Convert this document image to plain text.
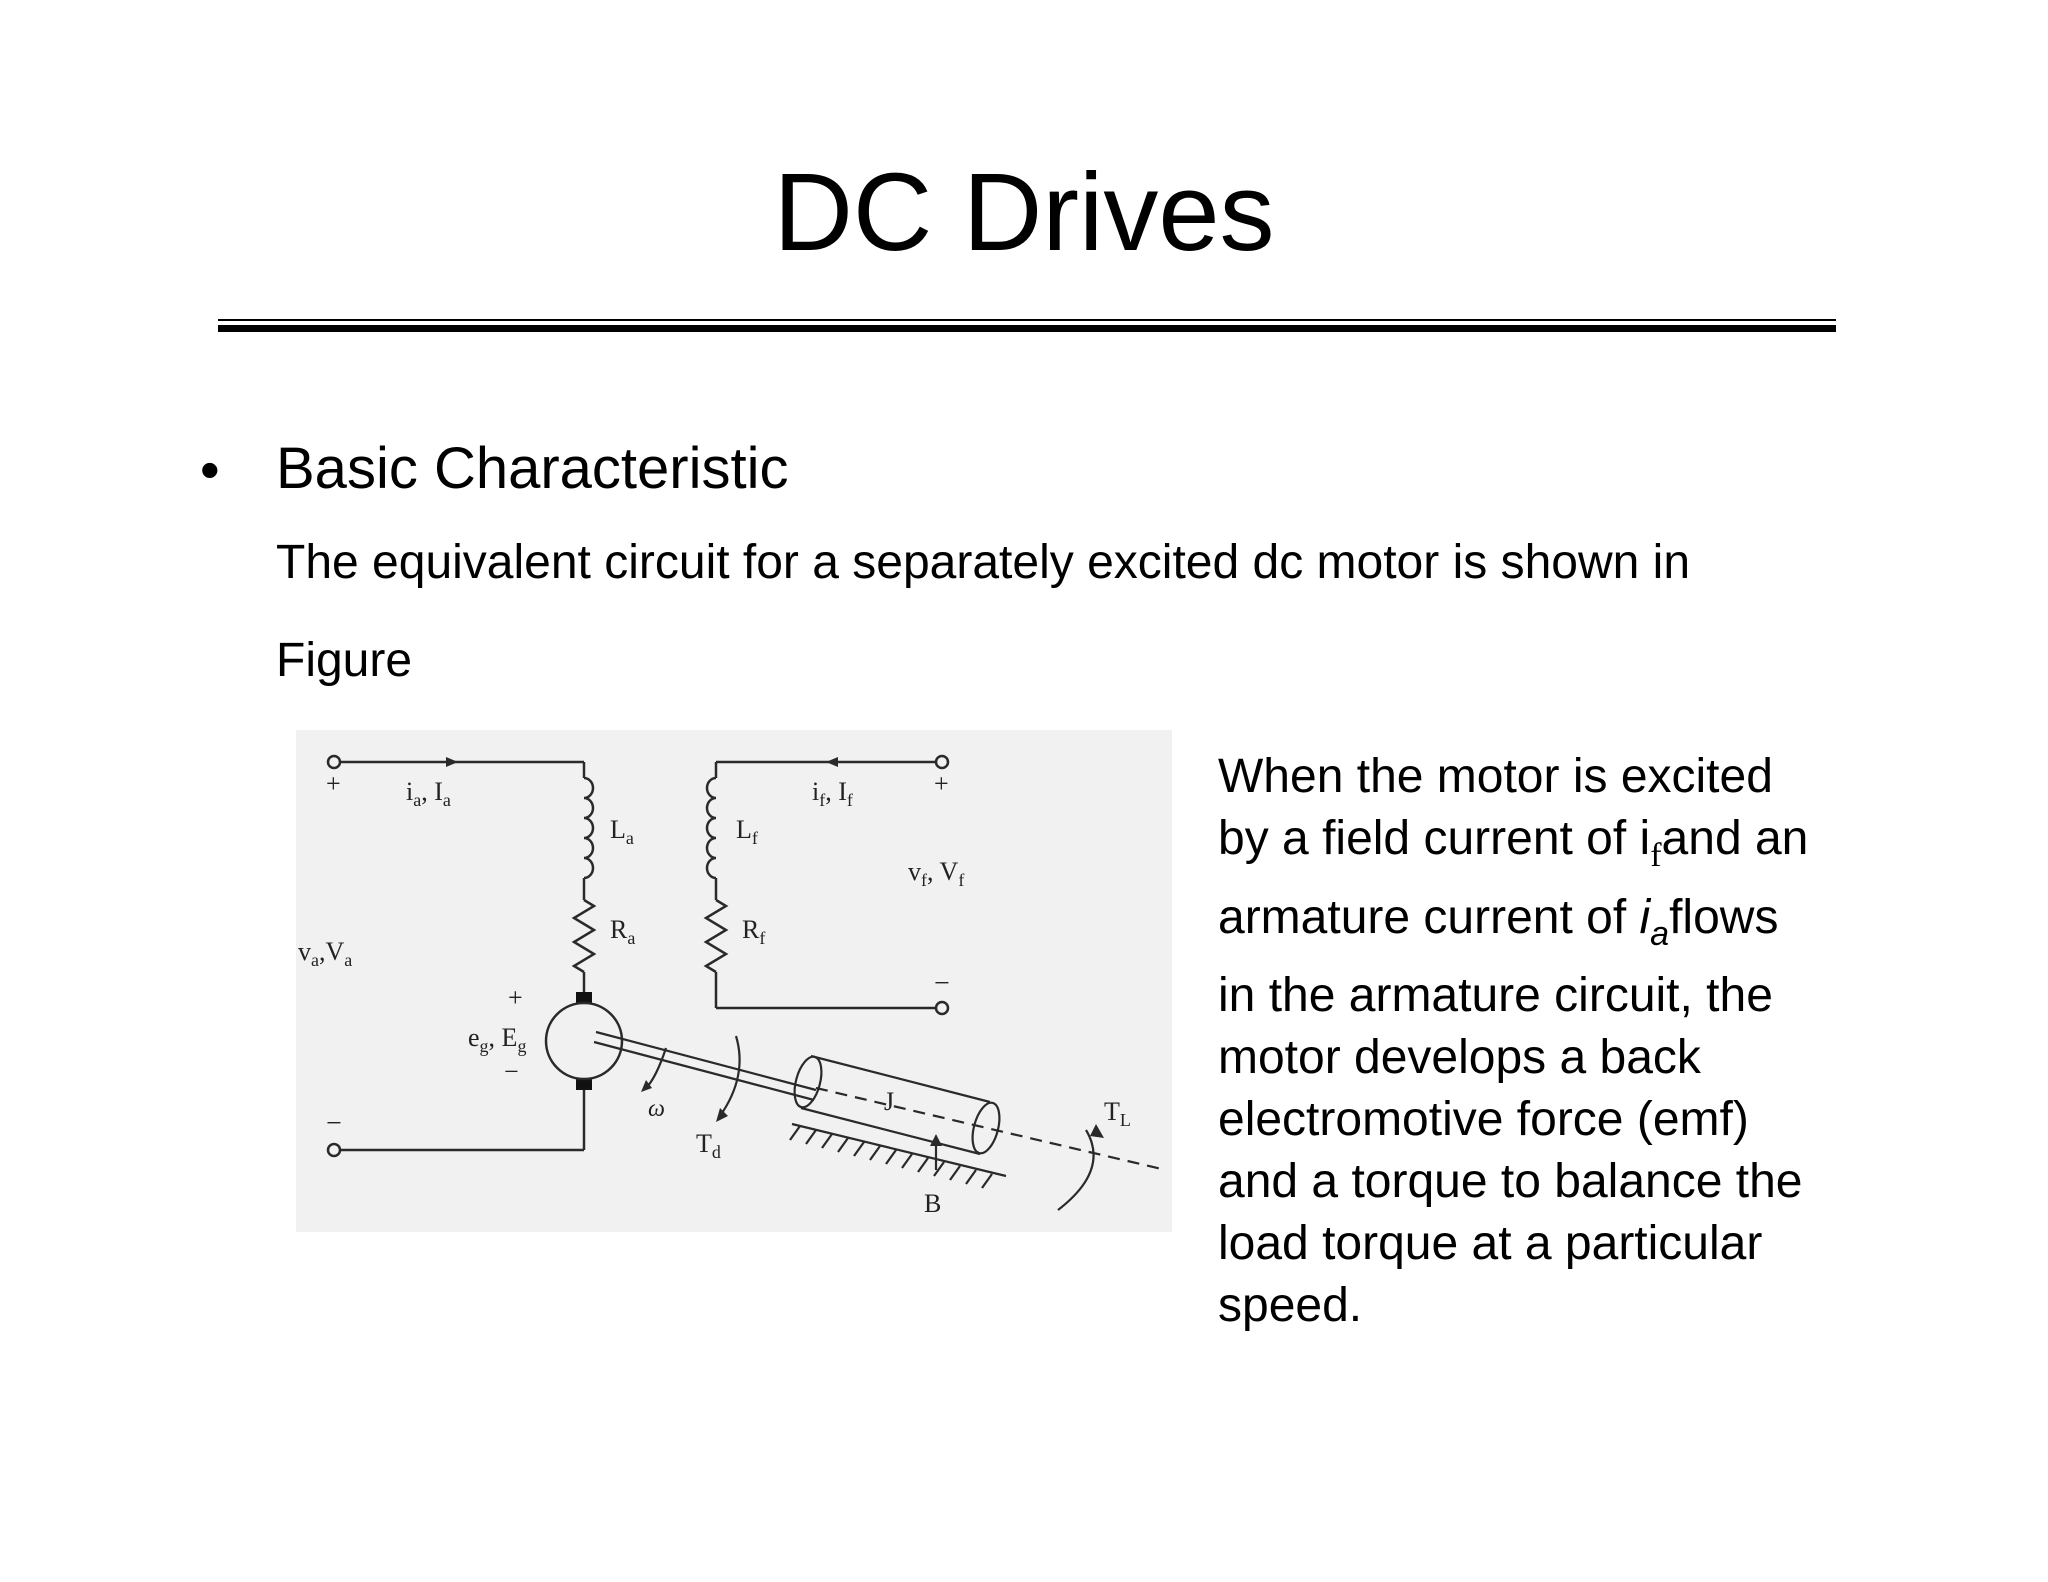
DC Drives
• Basic Characteristic
The equivalent circuit for a separately excited dc motor is shown in
Figure
+
−
$i_a$, $I_a$
$L_a$
$R_a$
$v_a,V_a$
+
$e_g$, $E_g$
−
$i_f$, $I_f$
+
$L_f$
$v_f$, $V_f$
$R_f$
−
ω
$T_d$
J
B
$T_L$
When the motor is excited
by a field current of $i_fand$ an
armature current of $i_aflows$
in the armature circuit, the
motor develops a back
electromotive force (emf)
and a torque to balance the
load torque at a particular
speed.
